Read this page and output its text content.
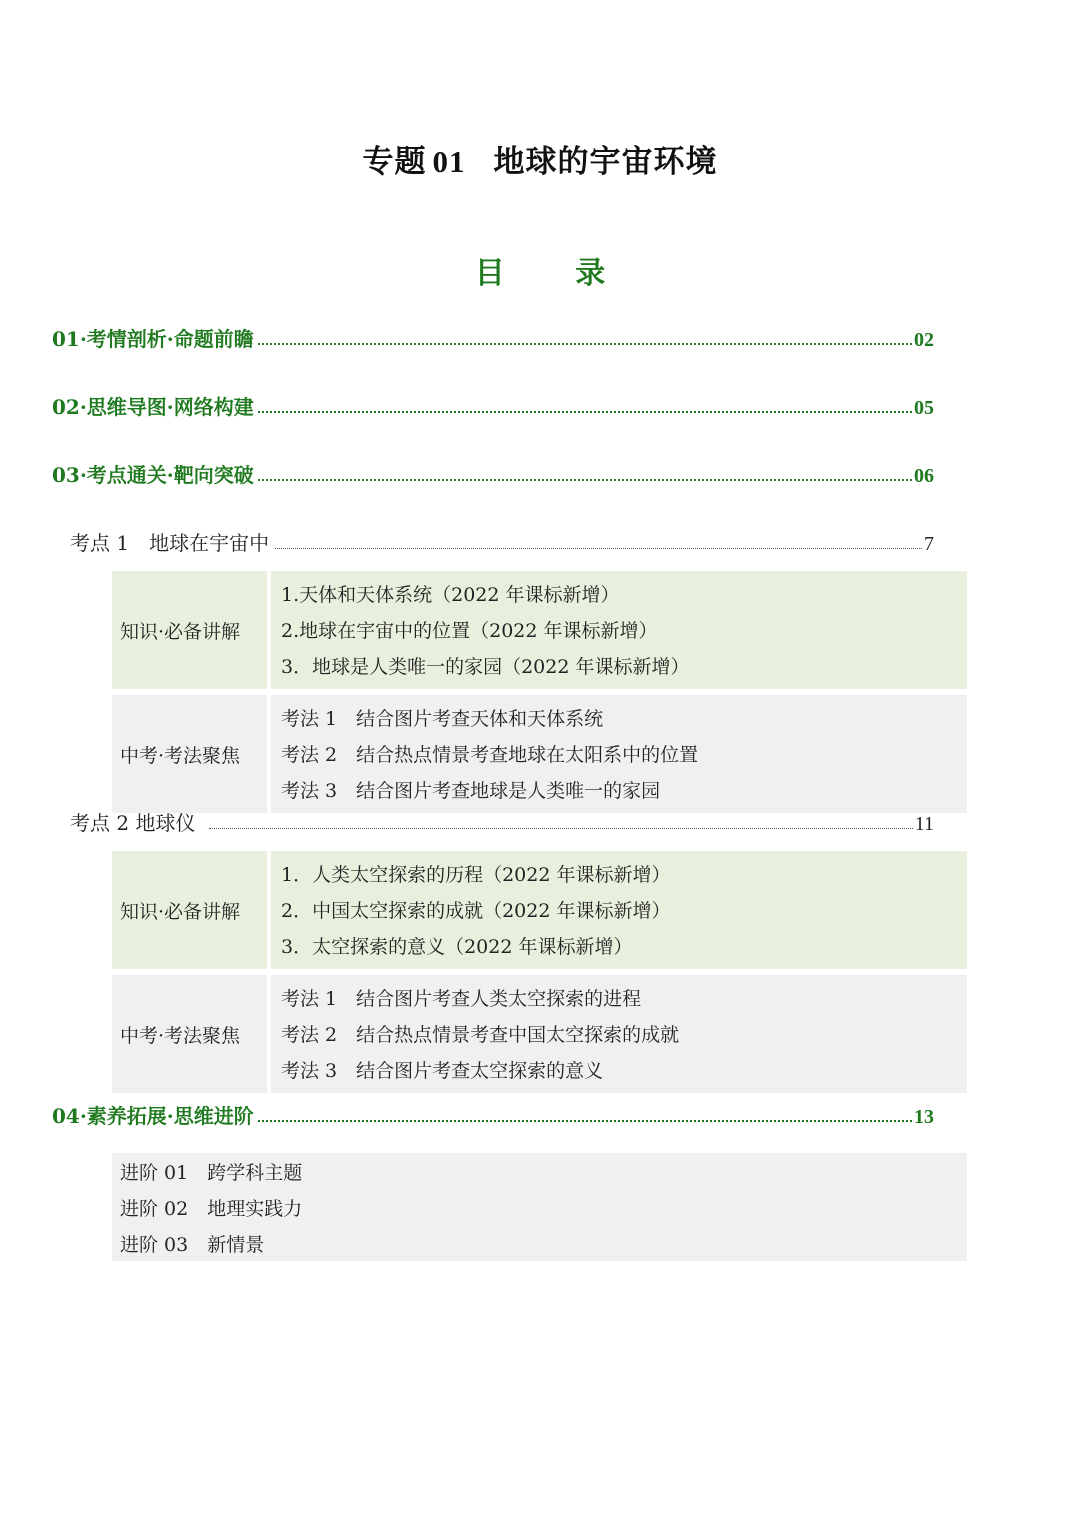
专题 01 地球的宇宙环境
目 录
01·考情剖析·命题前瞻	02
02·思维导图·网络构建	05
03·考点通关·靶向突破	06
考点 1　地球在宇宙中	7
知识·必备讲解
1.天体和天体系统（2022 年课标新增）
2.地球在宇宙中的位置（2022 年课标新增）
3．地球是人类唯一的家园（2022 年课标新增）
中考·考法聚焦
考法 1　结合图片考查天体和天体系统
考法 2　结合热点情景考查地球在太阳系中的位置
考法 3　结合图片考查地球是人类唯一的家园
考点 2 地球仪	11
知识·必备讲解
1．人类太空探索的历程（2022 年课标新增）
2．中国太空探索的成就（2022 年课标新增）
3．太空探索的意义（2022 年课标新增）
中考·考法聚焦
考法 1　结合图片考查人类太空探索的进程
考法 2　结合热点情景考查中国太空探索的成就
考法 3　结合图片考查太空探索的意义
04·素养拓展·思维进阶	13
进阶 01　跨学科主题
进阶 02　地理实践力
进阶 03　新情景
